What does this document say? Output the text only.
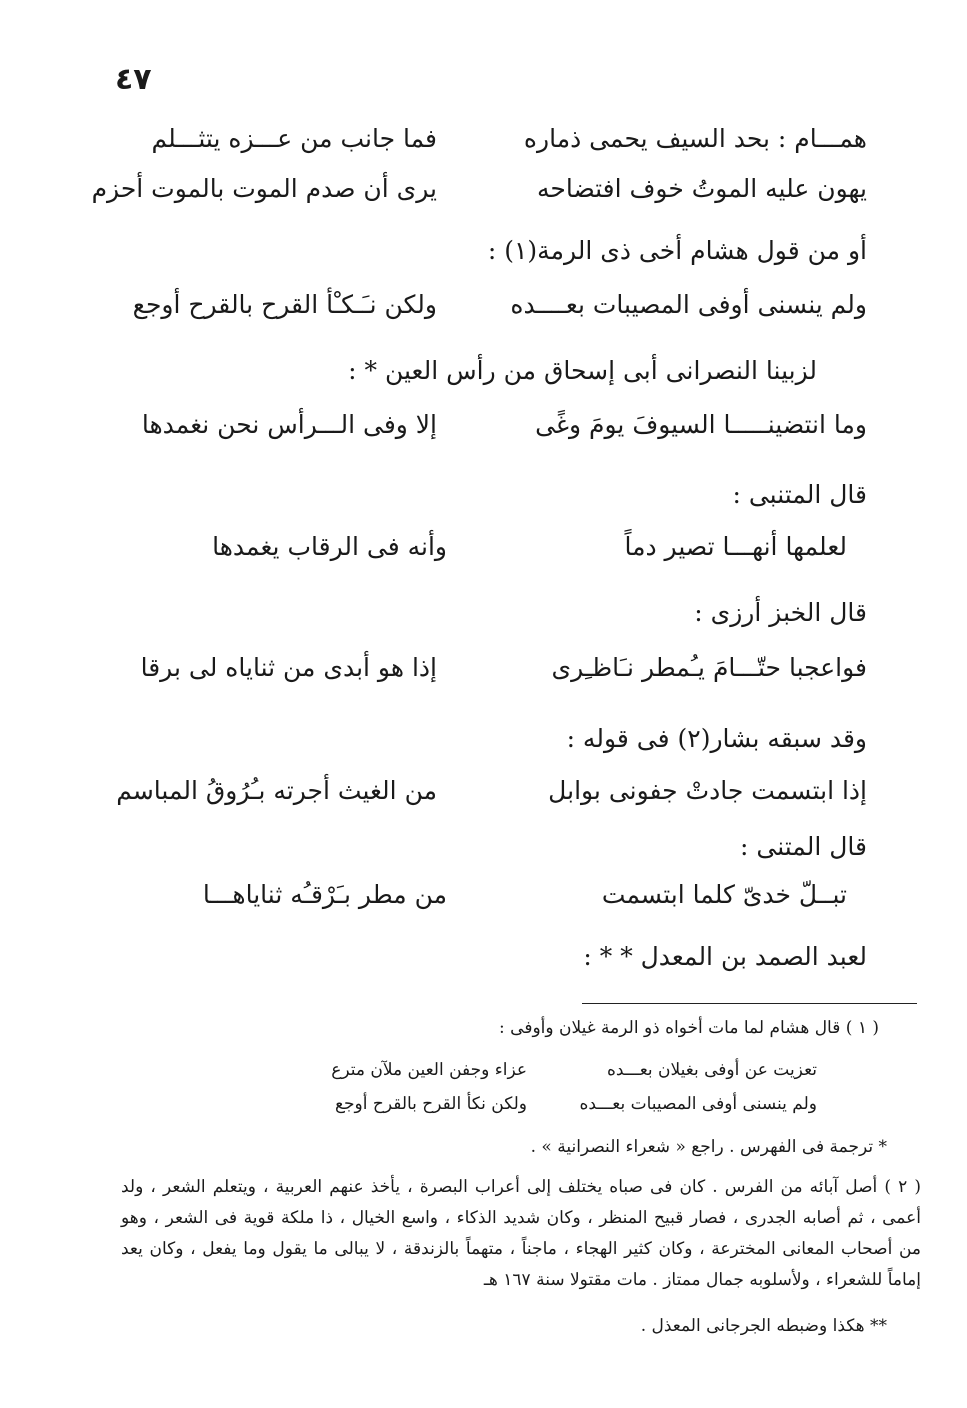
٤٧
همـــام : بحد السيف يحمى ذماره
فما جانب من عـــزه يتثـــلم
يهون عليه الموتُ خوف افتضاحه
يرى أن صدم الموت بالموت أحزم
أو من قول هشام أخى ذى الرمة(١) :
ولم ينسنى أوفى المصيبات بعــــده
ولكن نـَـكـْأ القرح بالقرح أوجع
لزبينا النصرانى أبى إسحاق من رأس العين * :
وما انتضينـــــا السيوفَ يومَ وغًى
إلا وفى الـــرأس نحن نغمدها
قال المتنبى :
لعلمها أنهـــا تصير دماً
وأنه فى الرقاب يغمدها
قال الخبز أرزى :
فواعجبا حتّـــامَ يـُمطر نـَاظـِرى
إذا هو أبدى من ثناياه لى برقا
وقد سبقه بشار(٢) فى قوله :
إذا ابتسمت جادتْ جفونى بوابل
من الغيث أجرته بـُرُوقُ المباسم
قال المتنى :
تبــلّ خدىّ كلما ابتسمت
من مطر بـَرْقـُه ثناياهـــا
لعبد الصمد بن المعدل * * :
( ١ ) قال هشام لما مات أخواه ذو الرمة غيلان وأوفى :
تعزيت عن أوفى بغيلان بعـــده
عزاء وجفن العين ملآن مترع
ولم ينسنى أوفى المصيبات بعـــده
ولكن نكأ القرح بالقرح أوجع
* ترجمة فى الفهرس . راجع « شعراء النصرانية » .
( ٢ ) أصل آبائه من الفرس . كان فى صباه يختلف إلى أعراب البصرة ، يأخذ عنهم العربية ، ويتعلم الشعر ، ولد أعمى ، ثم أصابه الجدرى ، فصار قبيح المنظر ، وكان شديد الذكاء ، واسع الخيال ، ذا ملكة قوية فى الشعر ، وهو من أصحاب المعانى المخترعة ، وكان كثير الهجاء ، ماجناً ، متهماً بالزندقة ، لا يبالى ما يقول وما يفعل ، وكان يعد إماماً للشعراء ، ولأسلوبه جمال ممتاز . مات مقتولا سنة ١٦٧ هـ
** هكذا وضبطه الجرجانى المعذل .
